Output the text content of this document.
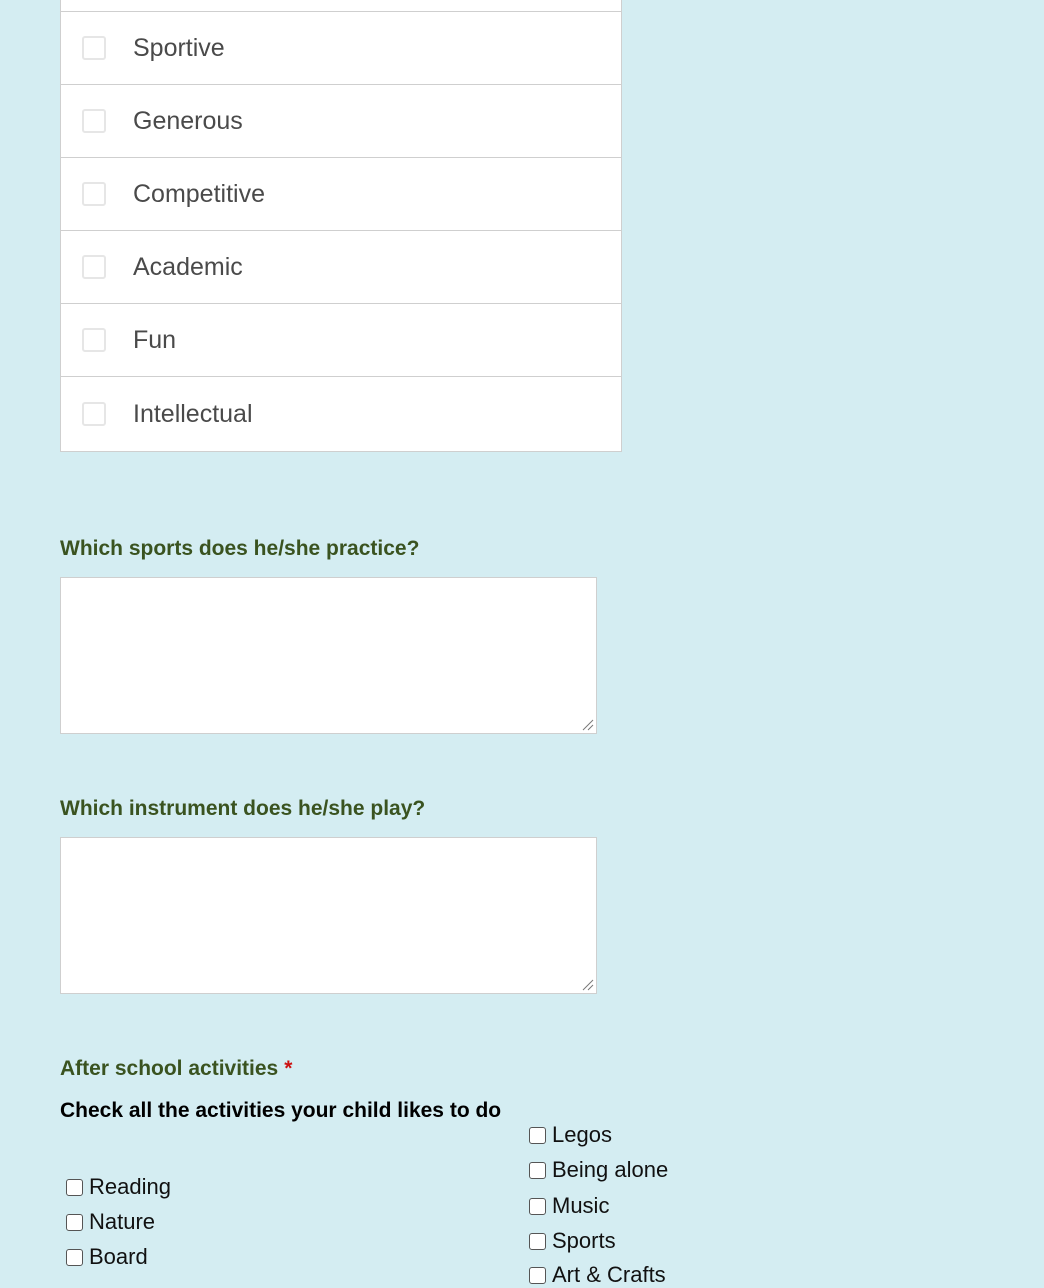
Sportive
Generous
Competitive
Academic
Fun
Intellectual
Which sports does he/she practice?
Which instrument does he/she play?
After school activities *
Check all the activities your child likes to do
Reading
Nature
Board
Legos
Being alone
Music
Sports
Art & Crafts
